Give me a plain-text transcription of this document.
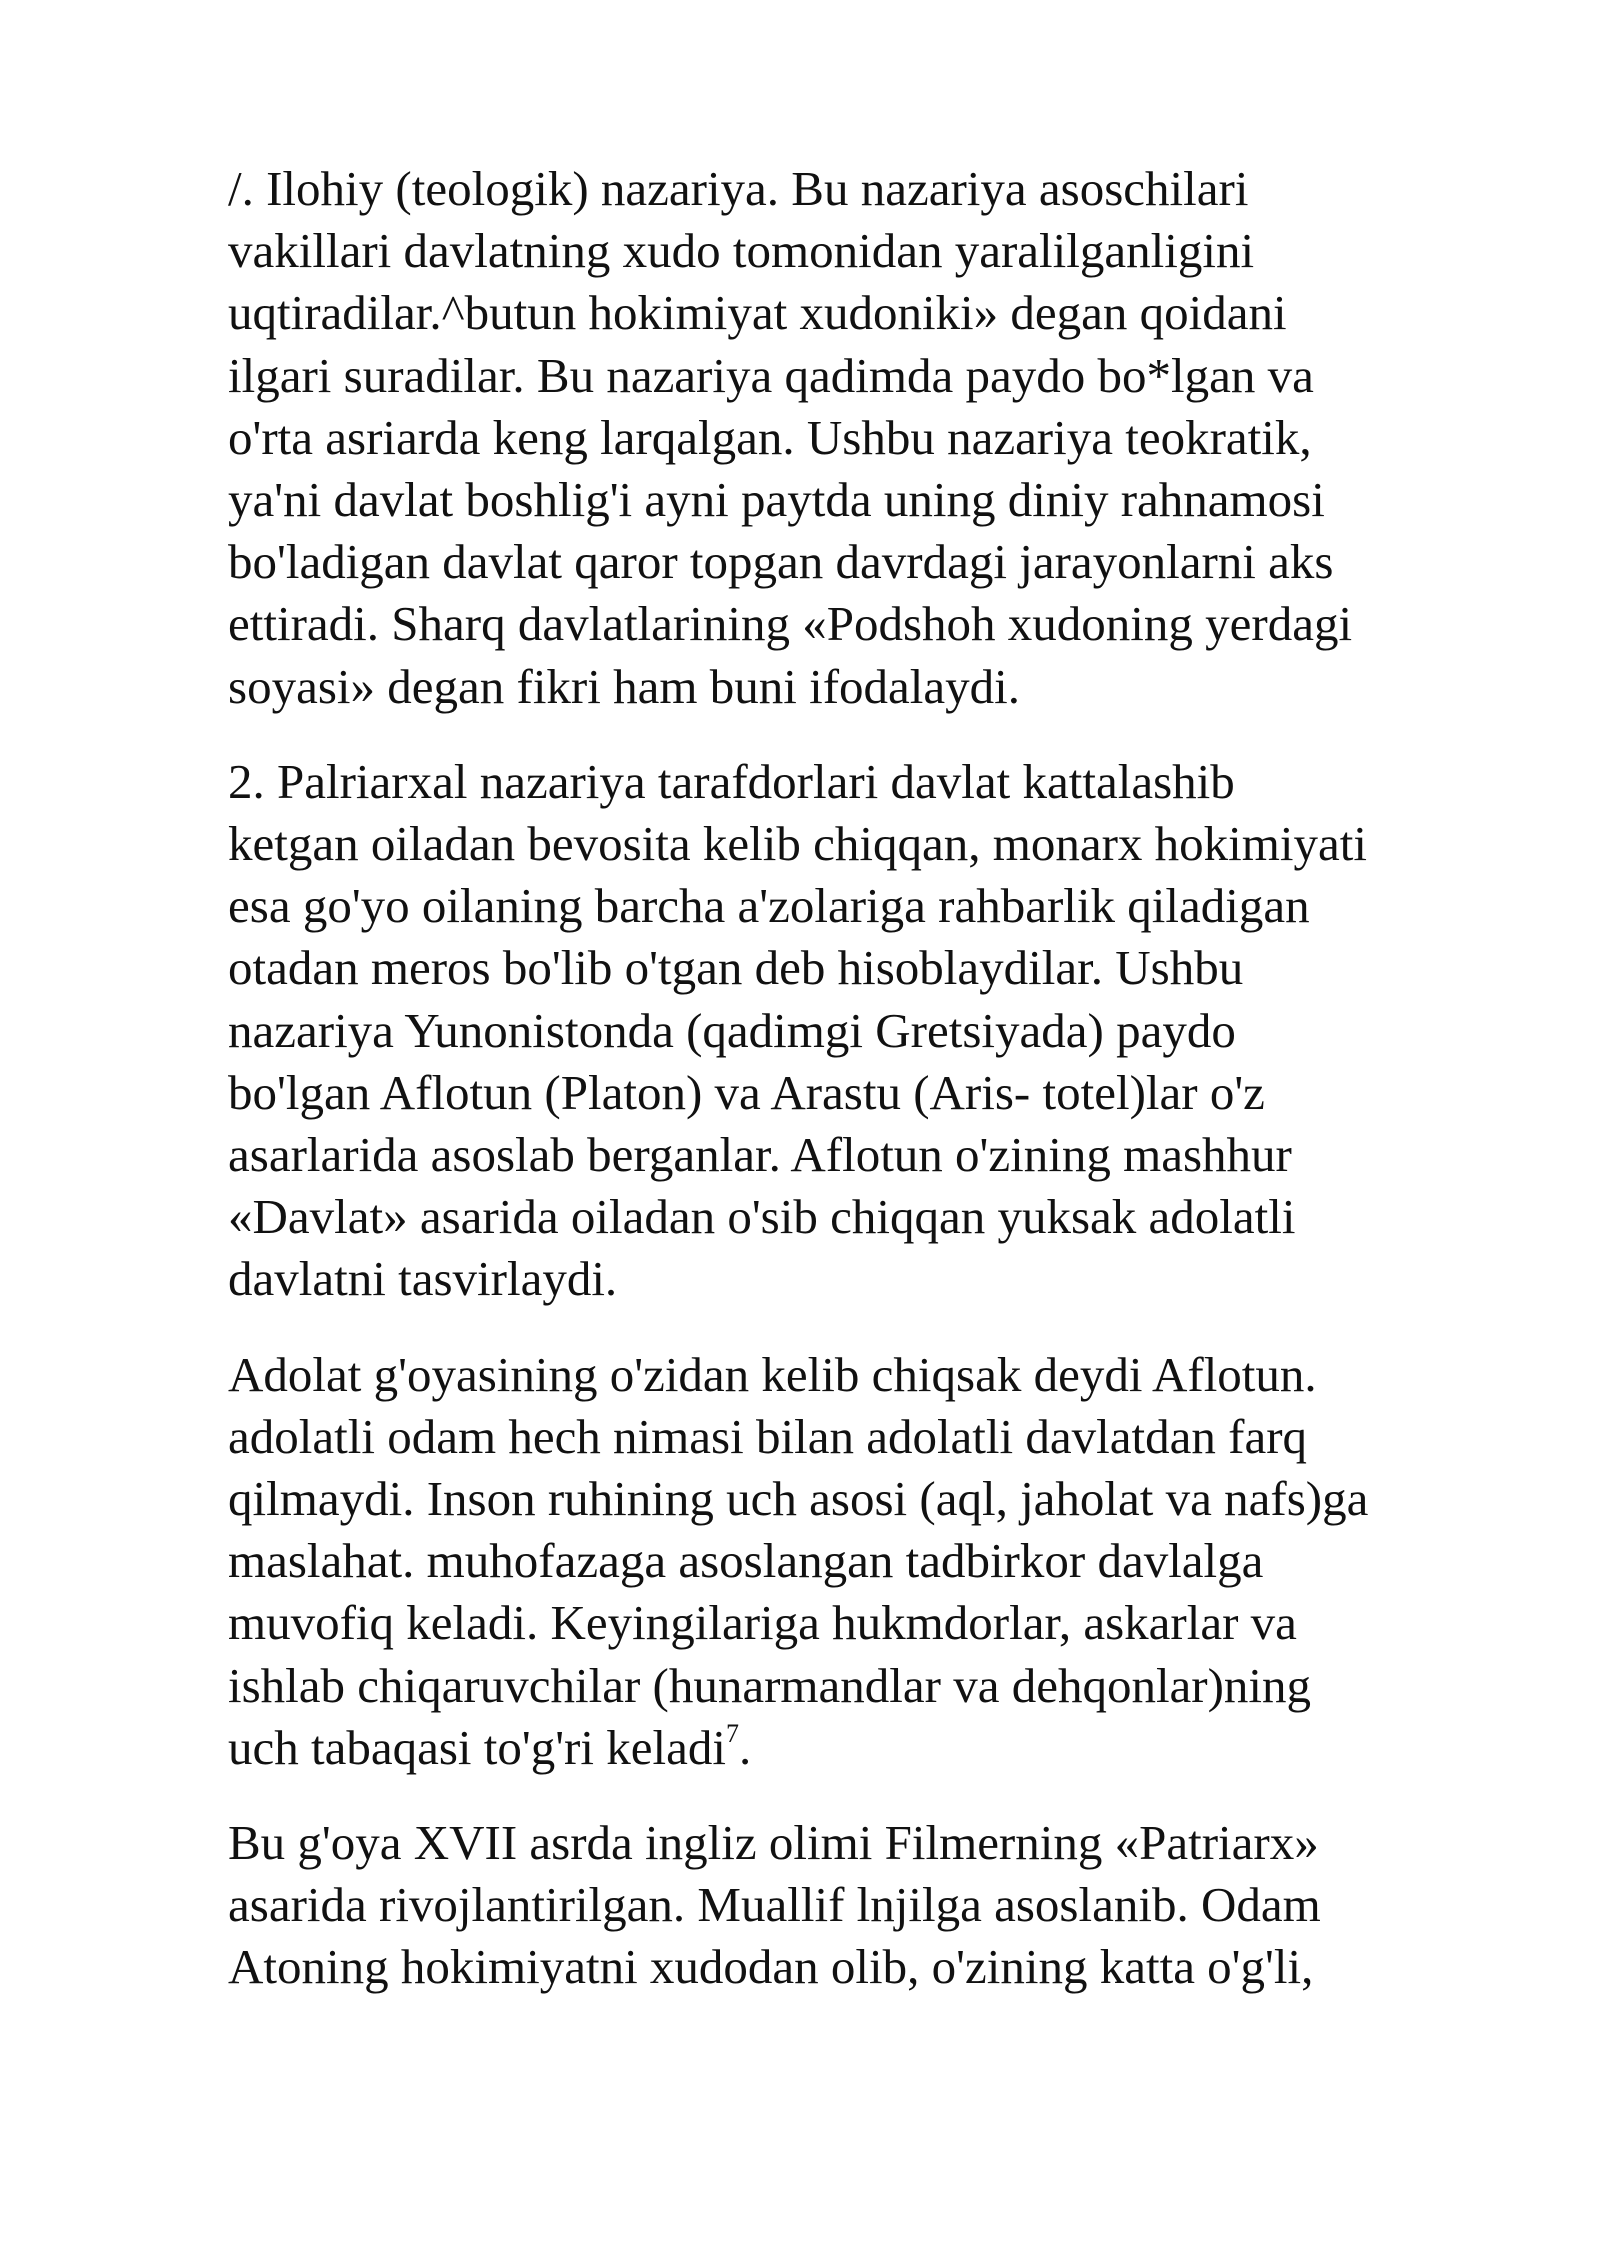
/. Ilohiy (teologik) nazariya. Bu nazariya asoschilari
vakillari davlatning xudo tomonidan yaralilganligini
uqtiradilar.^butun hokimiyat xudoniki» degan qoidani
ilgari suradilar. Bu nazariya qadimda paydo bo*lgan va
o'rta asriarda keng larqalgan. Ushbu nazariya teokratik,
ya'ni davlat boshlig'i ayni paytda uning diniy rahnamosi
bo'ladigan davlat qaror topgan davrdagi jarayonlarni aks
ettiradi. Sharq davlatlarining «Podshoh xudoning yerdagi
soyasi» degan fikri ham buni ifodalaydi.

2. Palriarxal nazariya tarafdorlari davlat kattalashib
ketgan oiladan bevosita kelib chiqqan, monarx hokimiyati
esa go'yo oilaning barcha a'zolariga rahbarlik qiladigan
otadan meros bo'lib o'tgan deb hisoblaydilar. Ushbu
nazariya Yunonistonda (qadimgi Gretsiyada) paydo
bo'lgan Aflotun (Platon) va Arastu (Aris- totel)lar o'z
asarlarida asoslab berganlar. Aflotun o'zining mashhur
«Davlat» asarida oiladan o'sib chiqqan yuksak adolatli
davlatni tasvirlaydi.

Adolat g'oyasining o'zidan kelib chiqsak deydi Aflotun.
adolatli odam hech nimasi bilan adolatli davlatdan farq
qilmaydi. Inson ruhining uch asosi (aql, jaholat va nafs)ga
maslahat. muhofazaga asoslangan tadbirkor davlalga
muvofiq keladi. Keyingilariga hukmdorlar, askarlar va
ishlab chiqaruvchilar (hunarmandlar va dehqonlar)ning
uch tabaqasi to'g'ri keladi$^7$.

Bu g'oya XVII asrda ingliz olimi Filmerning «Patriarx»
asarida rivojlantirilgan. Muallif lnjilga asoslanib. Odam
Atoning hokimiyatni xudodan olib, o'zining katta o'g'li,
